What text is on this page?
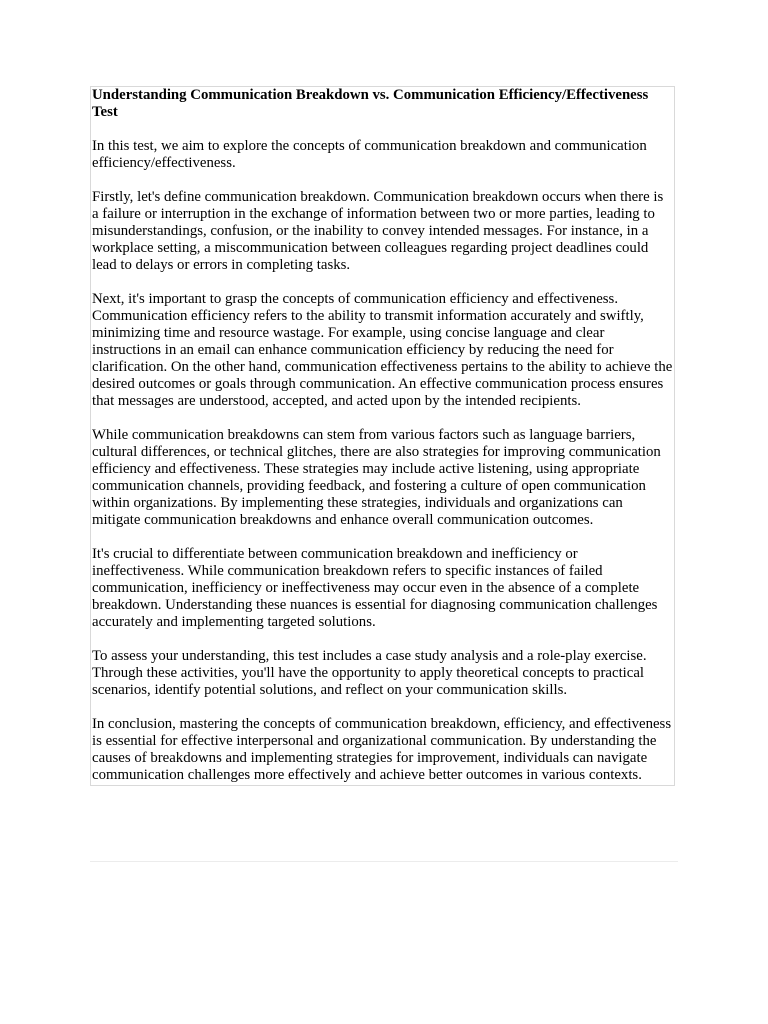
Understanding Communication Breakdown vs. Communication Efficiency/Effectiveness Test

In this test, we aim to explore the concepts of communication breakdown and communication efficiency/effectiveness.

Firstly, let's define communication breakdown. Communication breakdown occurs when there is a failure or interruption in the exchange of information between two or more parties, leading to misunderstandings, confusion, or the inability to convey intended messages. For instance, in a workplace setting, a miscommunication between colleagues regarding project deadlines could lead to delays or errors in completing tasks.

Next, it's important to grasp the concepts of communication efficiency and effectiveness. Communication efficiency refers to the ability to transmit information accurately and swiftly, minimizing time and resource wastage. For example, using concise language and clear instructions in an email can enhance communication efficiency by reducing the need for clarification. On the other hand, communication effectiveness pertains to the ability to achieve the desired outcomes or goals through communication. An effective communication process ensures that messages are understood, accepted, and acted upon by the intended recipients.

While communication breakdowns can stem from various factors such as language barriers, cultural differences, or technical glitches, there are also strategies for improving communication efficiency and effectiveness. These strategies may include active listening, using appropriate communication channels, providing feedback, and fostering a culture of open communication within organizations. By implementing these strategies, individuals and organizations can mitigate communication breakdowns and enhance overall communication outcomes.

It's crucial to differentiate between communication breakdown and inefficiency or ineffectiveness. While communication breakdown refers to specific instances of failed communication, inefficiency or ineffectiveness may occur even in the absence of a complete breakdown. Understanding these nuances is essential for diagnosing communication challenges accurately and implementing targeted solutions.

To assess your understanding, this test includes a case study analysis and a role-play exercise. Through these activities, you'll have the opportunity to apply theoretical concepts to practical scenarios, identify potential solutions, and reflect on your communication skills.

In conclusion, mastering the concepts of communication breakdown, efficiency, and effectiveness is essential for effective interpersonal and organizational communication. By understanding the causes of breakdowns and implementing strategies for improvement, individuals can navigate communication challenges more effectively and achieve better outcomes in various contexts.
